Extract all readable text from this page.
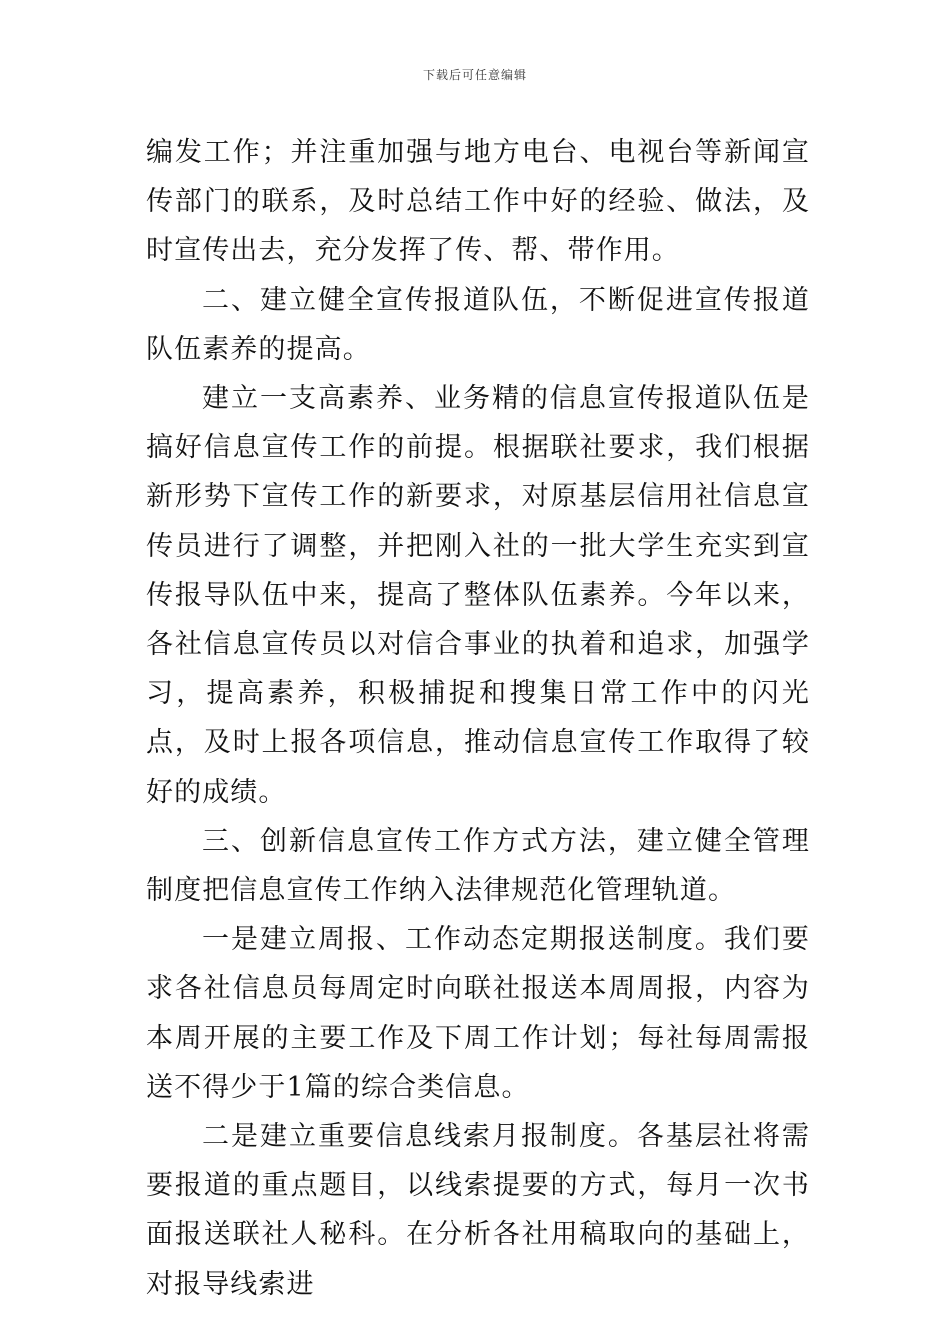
下载后可任意编辑

编发工作；并注重加强与地方电台、电视台等新闻宣传部门的联系，及时总结工作中好的经验、做法，及时宣传出去，充分发挥了传、帮、带作用。

二、建立健全宣传报道队伍，不断促进宣传报道队伍素养的提高。

建立一支高素养、业务精的信息宣传报道队伍是搞好信息宣传工作的前提。根据联社要求，我们根据新形势下宣传工作的新要求，对原基层信用社信息宣传员进行了调整，并把刚入社的一批大学生充实到宣传报导队伍中来，提高了整体队伍素养。今年以来，各社信息宣传员以对信合事业的执着和追求，加强学习，提高素养，积极捕捉和搜集日常工作中的闪光点，及时上报各项信息，推动信息宣传工作取得了较好的成绩。

三、创新信息宣传工作方式方法，建立健全管理制度把信息宣传工作纳入法律规范化管理轨道。

一是建立周报、工作动态定期报送制度。我们要求各社信息员每周定时向联社报送本周周报，内容为本周开展的主要工作及下周工作计划；每社每周需报送不得少于1篇的综合类信息。

二是建立重要信息线索月报制度。各基层社将需要报道的重点题目，以线索提要的方式，每月一次书面报送联社人秘科。在分析各社用稿取向的基础上，对报导线索进
